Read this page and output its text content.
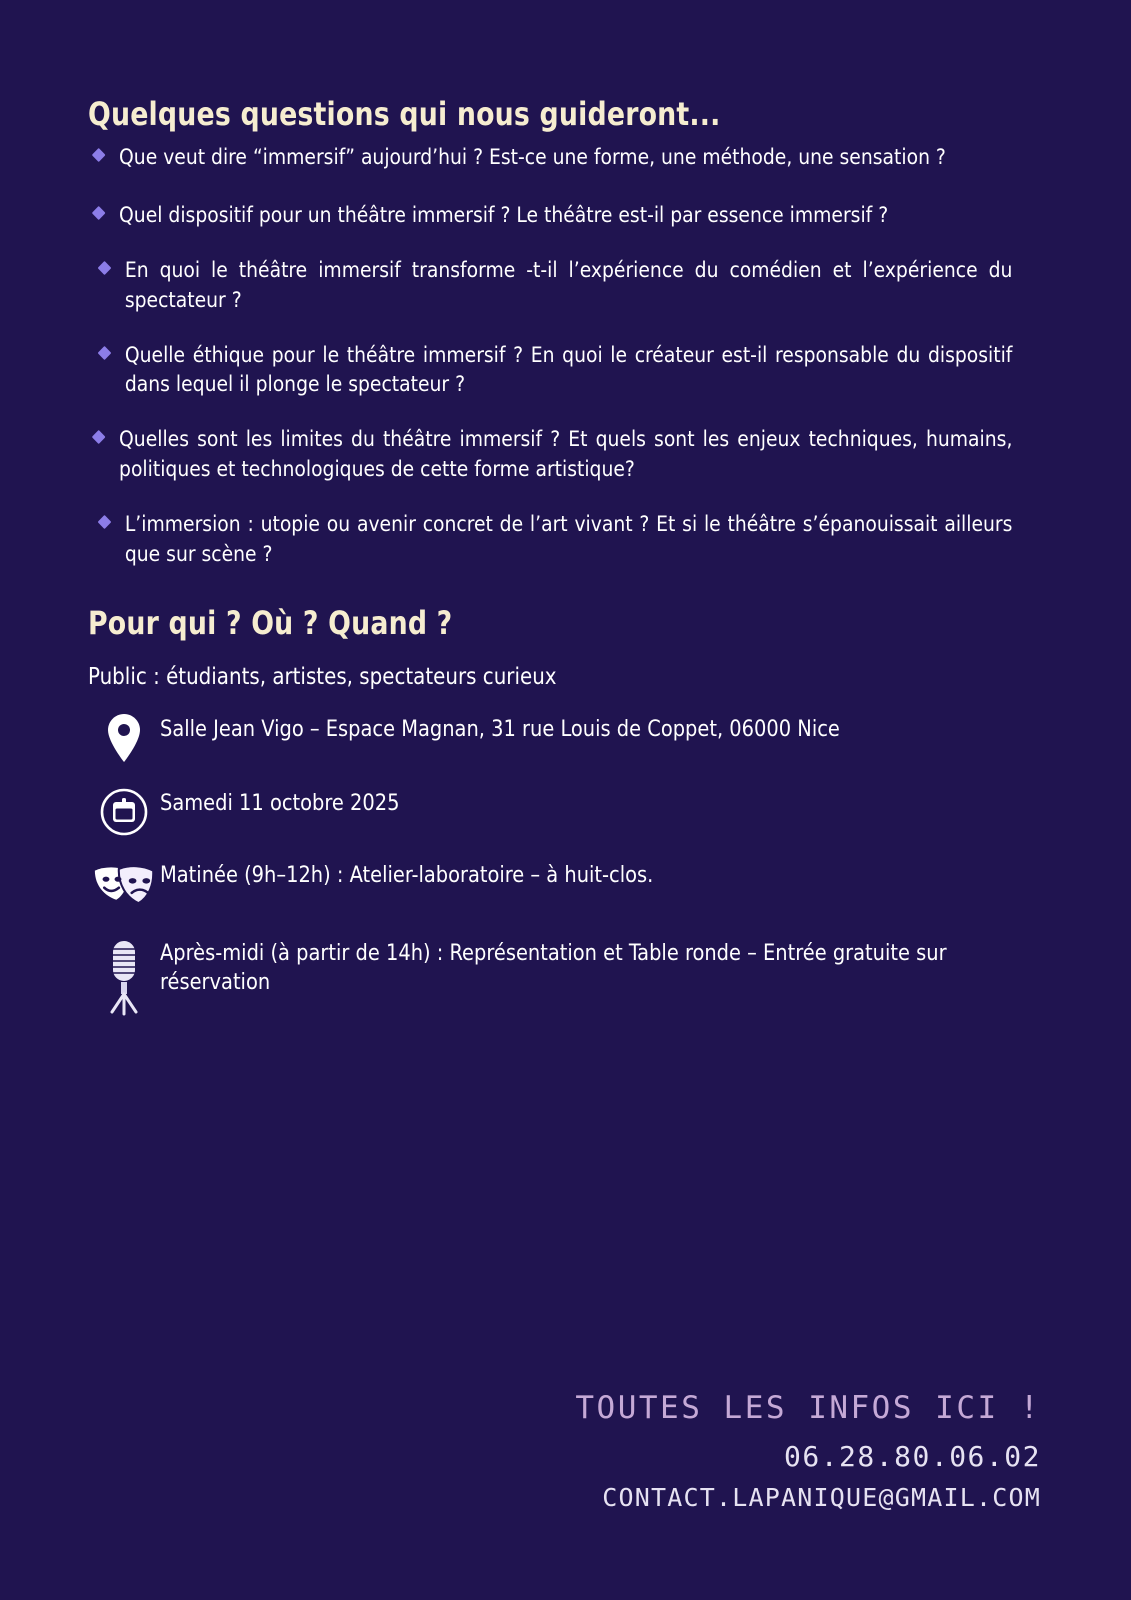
Quelques questions qui nous guideront...
Que veut dire “immersif” aujourd’hui ? Est-ce une forme, une méthode, une sensation ?
Quel dispositif pour un théâtre immersif ? Le théâtre est-il par essence immersif ?
En quoi le théâtre immersif transforme -t-il l’expérience du comédien et l’expérience du spectateur ?
Quelle éthique pour le théâtre immersif ? En quoi le créateur est-il responsable du dispositif dans lequel il plonge le spectateur ?
Quelles sont les limites du théâtre immersif ? Et quels sont les enjeux techniques, humains, politiques et technologiques de cette forme artistique?
L’immersion : utopie ou avenir concret de l’art vivant ? Et si le théâtre s’épanouissait ailleurs que sur scène ?
Pour qui ? Où ? Quand ?

Public : étudiants, artistes, spectateurs curieux

Salle Jean Vigo – Espace Magnan, 31 rue Louis de Coppet, 06000 Nice
Samedi 11 octobre 2025
Matinée (9h–12h) : Atelier-laboratoire – à huit-clos.
Après-midi (à partir de 14h) : Représentation et Table ronde – Entrée gratuite sur réservation
TOUTES LES INFOS ICI !
06.28.80.06.02
CONTACT.LAPANIQUE@GMAIL.COM
